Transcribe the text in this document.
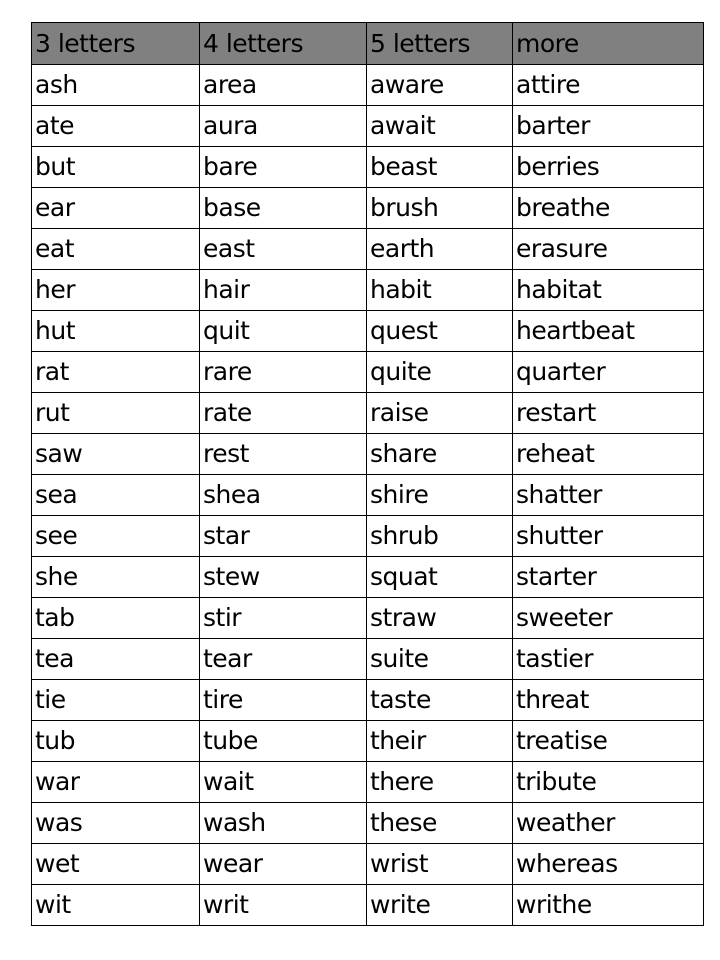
3 letters	4 letters	5 letters	more
ash	area	aware	attire
ate	aura	await	barter
but	bare	beast	berries
ear	base	brush	breathe
eat	east	earth	erasure
her	hair	habit	habitat
hut	quit	quest	heartbeat
rat	rare	quite	quarter
rut	rate	raise	restart
saw	rest	share	reheat
sea	shea	shire	shatter
see	star	shrub	shutter
she	stew	squat	starter
tab	stir	straw	sweeter
tea	tear	suite	tastier
tie	tire	taste	threat
tub	tube	their	treatise
war	wait	there	tribute
was	wash	these	weather
wet	wear	wrist	whereas
wit	writ	write	writhe
